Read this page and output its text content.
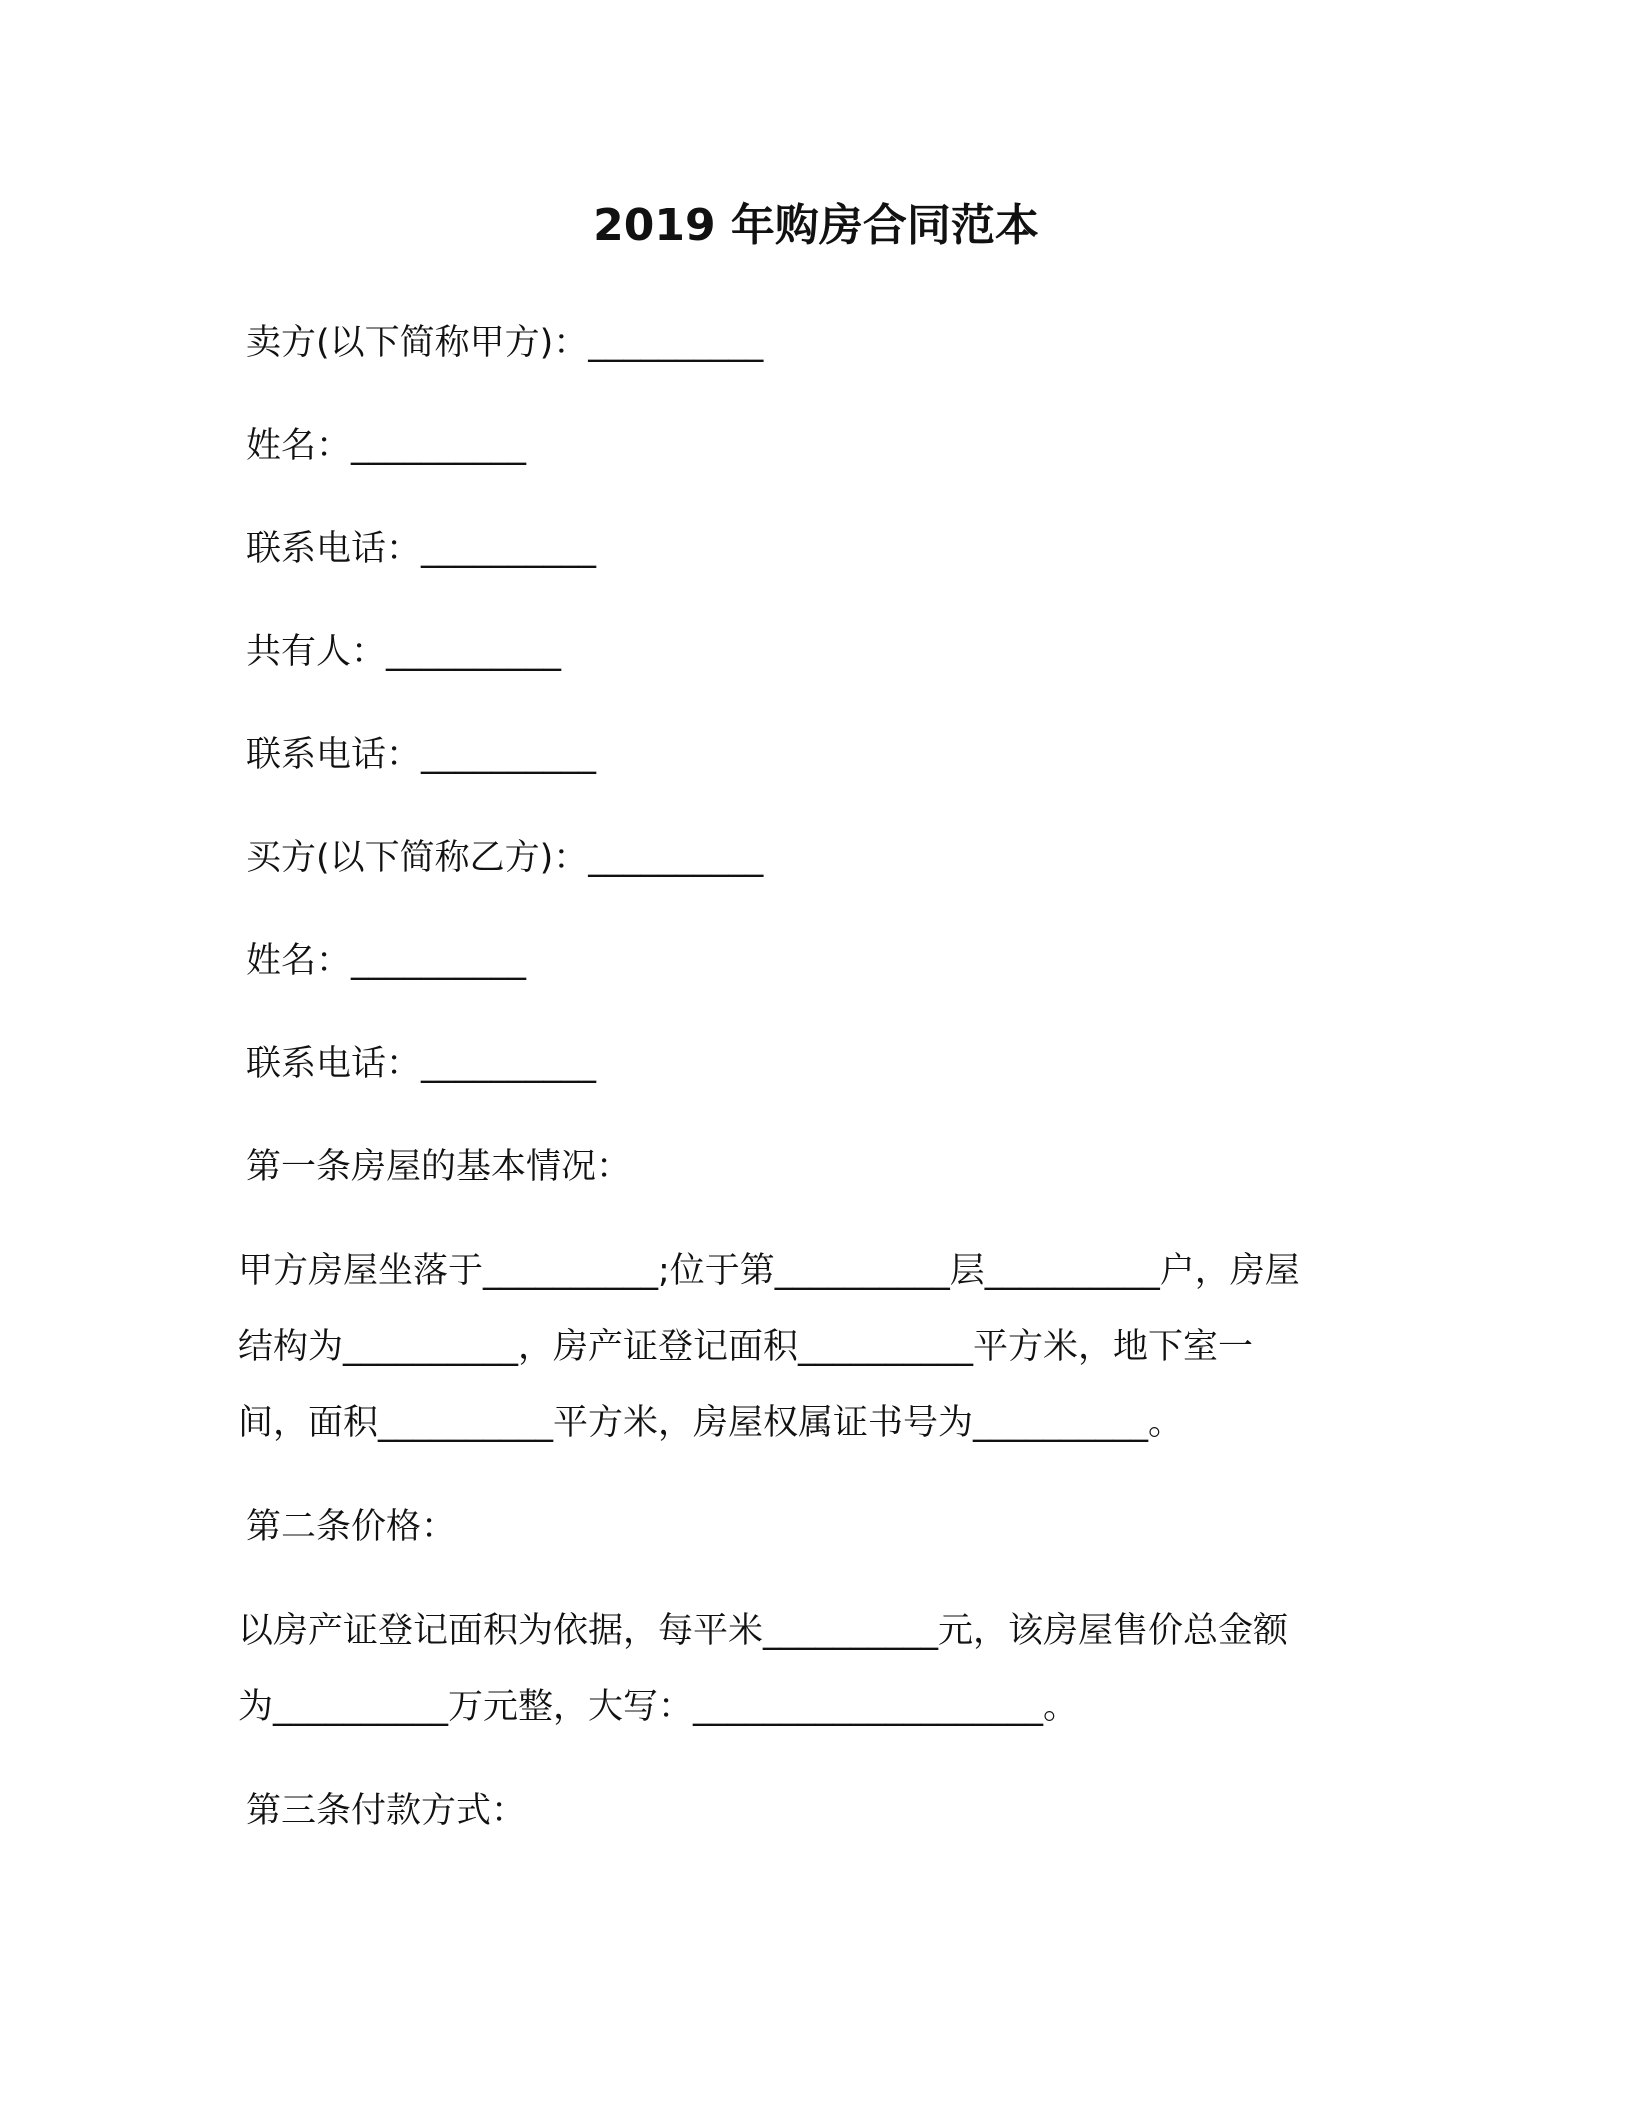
2019 年购房合同范本
卖方(以下简称甲方)：__________
姓名：__________
联系电话：__________
共有人：__________
联系电话：__________
买方(以下简称乙方)：__________
姓名：__________
联系电话：__________
第一条房屋的基本情况：
甲方房屋坐落于__________;位于第__________层__________户，房屋
结构为__________，房产证登记面积__________平方米，地下室一
间，面积__________平方米，房屋权属证书号为__________。
第二条价格：
以房产证登记面积为依据，每平米__________元，该房屋售价总金额
为__________万元整，大写：____________________。
第三条付款方式：
